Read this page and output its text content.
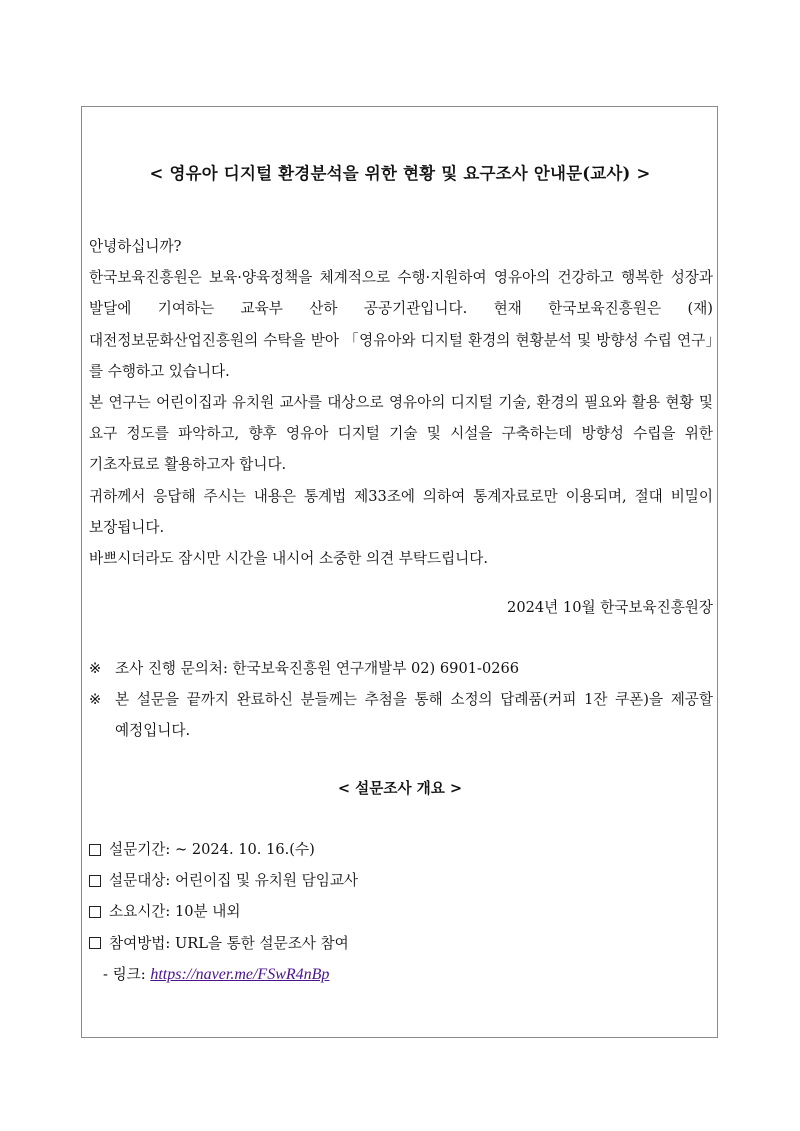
< 영유아 디지털 환경분석을 위한 현황 및 요구조사 안내문(교사) >

안녕하십니까?

한국보육진흥원은 보육·양육정책을 체계적으로 수행·지원하여 영유아의 건강하고 행복한 성장과 발달에 기여하는 교육부 산하 공공기관입니다. 현재 한국보육진흥원은 (재)대전정보문화산업진흥원의 수탁을 받아 「영유아와 디지털 환경의 현황분석 및 방향성 수립 연구」를 수행하고 있습니다.

본 연구는 어린이집과 유치원 교사를 대상으로 영유아의 디지털 기술, 환경의 필요와 활용 현황 및 요구 정도를 파악하고, 향후 영유아 디지털 기술 및 시설을 구축하는데 방향성 수립을 위한 기초자료로 활용하고자 합니다.

귀하께서 응답해 주시는 내용은 통계법 제33조에 의하여 통계자료로만 이용되며, 절대 비밀이 보장됩니다.

바쁘시더라도 잠시만 시간을 내시어 소중한 의견 부탁드립니다.

2024년 10월 한국보육진흥원장
※ 조사 진행 문의처: 한국보육진흥원 연구개발부 02) 6901-0266
※ 본 설문을 끝까지 완료하신 분들께는 추첨을 통해 소정의 답례품(커피 1잔 쿠폰)을 제공할 예정입니다.
< 설문조사 개요 >
설문기간: ~ 2024. 10. 16.(수)
설문대상: 어린이집 및 유치원 담임교사
소요시간: 10분 내외
참여방법: URL을 통한 설문조사 참여
- 링크: https://naver.me/FSwR4nBp
